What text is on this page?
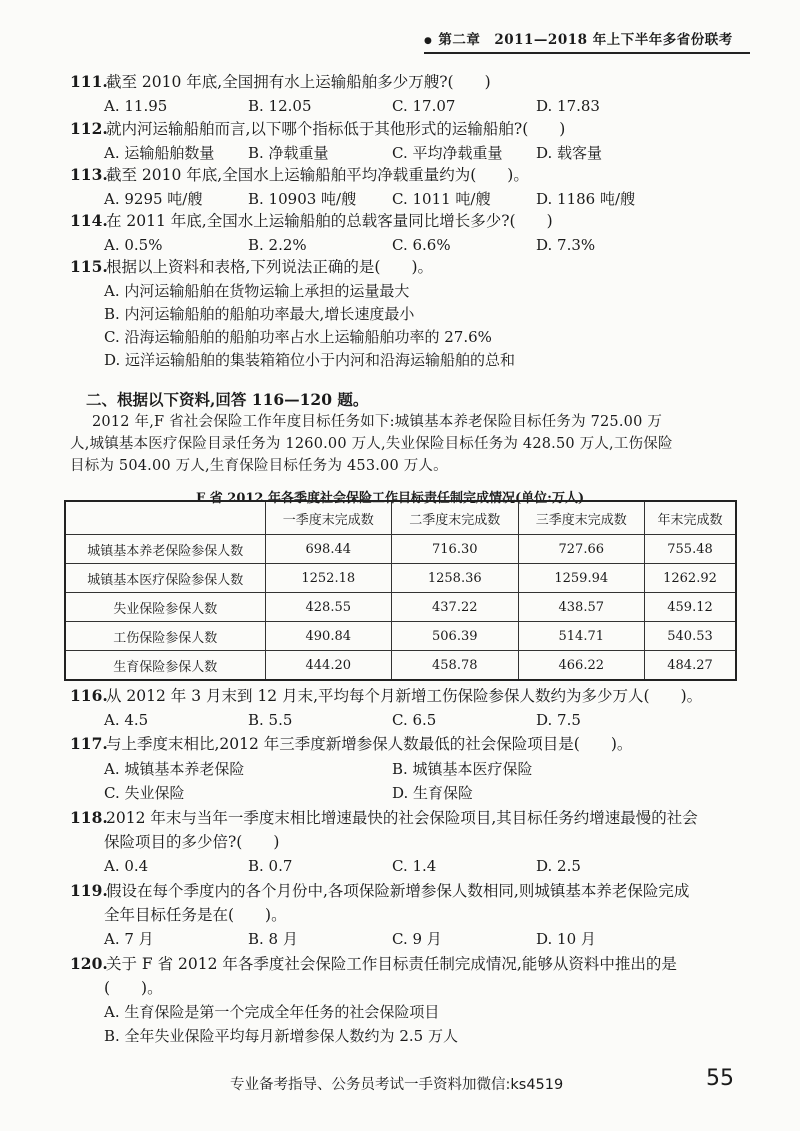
● 第二章　2011—2018 年上下半年多省份联考
111.截至 2010 年底,全国拥有水上运输船舶多少万艘?(　　)
A. 11.95	B. 12.05	C. 17.07	D. 17.83
112.就内河运输船舶而言,以下哪个指标低于其他形式的运输船舶?(　　)
A. 运输船舶数量 B. 净载重量	C. 平均净载重量 D. 载客量
113.截至 2010 年底,全国水上运输船舶平均净载重量约为(　　)。
A. 9295 吨/艘	B. 10903 吨/艘 C. 1011 吨/艘	D. 1186 吨/艘
114.在 2011 年底,全国水上运输船舶的总载客量同比增长多少?(　　)
A. 0.5%	B. 2.2%	C. 6.6%	D. 7.3%
115.根据以上资料和表格,下列说法正确的是(　　)。
A. 内河运输船舶在货物运输上承担的运量最大
B. 内河运输船舶的船舶功率最大,增长速度最小
C. 沿海运输船舶的船舶功率占水上运输船舶功率的 27.6%
D. 远洋运输船舶的集装箱箱位小于内河和沿海运输船舶的总和
二、根据以下资料,回答 116—120 题。
2012 年,F 省社会保险工作年度目标任务如下:城镇基本养老保险目标任务为 725.00 万
人,城镇基本医疗保险目录任务为 1260.00 万人,失业保险目标任务为 428.50 万人,工伤保险
目标为 504.00 万人,生育保险目标任务为 453.00 万人。
F 省 2012 年各季度社会保险工作目标责任制完成情况(单位:万人)
	一季度末完成数	二季度末完成数	三季度末完成数	年末完成数
城镇基本养老保险参保人数	698.44	716.30	727.66	755.48
城镇基本医疗保险参保人数	1252.18	1258.36	1259.94	1262.92
失业保险参保人数	428.55	437.22	438.57	459.12
工伤保险参保人数	490.84	506.39	514.71	540.53
生育保险参保人数	444.20	458.78	466.22	484.27
116.从 2012 年 3 月末到 12 月末,平均每个月新增工伤保险参保人数约为多少万人(　　)。
A. 4.5	B. 5.5	C. 6.5	D. 7.5
117.与上季度末相比,2012 年三季度新增参保人数最低的社会保险项目是(　　)。
A. 城镇基本养老保险	B. 城镇基本医疗保险
C. 失业保险	D. 生育保险
118.2012 年末与当年一季度末相比增速最快的社会保险项目,其目标任务约增速最慢的社会
保险项目的多少倍?(　　)
A. 0.4	B. 0.7	C. 1.4	D. 2.5
119.假设在每个季度内的各个月份中,各项保险新增参保人数相同,则城镇基本养老保险完成
全年目标任务是在(　　)。
A. 7 月	B. 8 月	C. 9 月	D. 10 月
120.关于 F 省 2012 年各季度社会保险工作目标责任制完成情况,能够从资料中推出的是
(　　)。
A. 生育保险是第一个完成全年任务的社会保险项目
B. 全年失业保险平均每月新增参保人数约为 2.5 万人
专业备考指导、公务员考试一手资料加微信:ks4519	55
